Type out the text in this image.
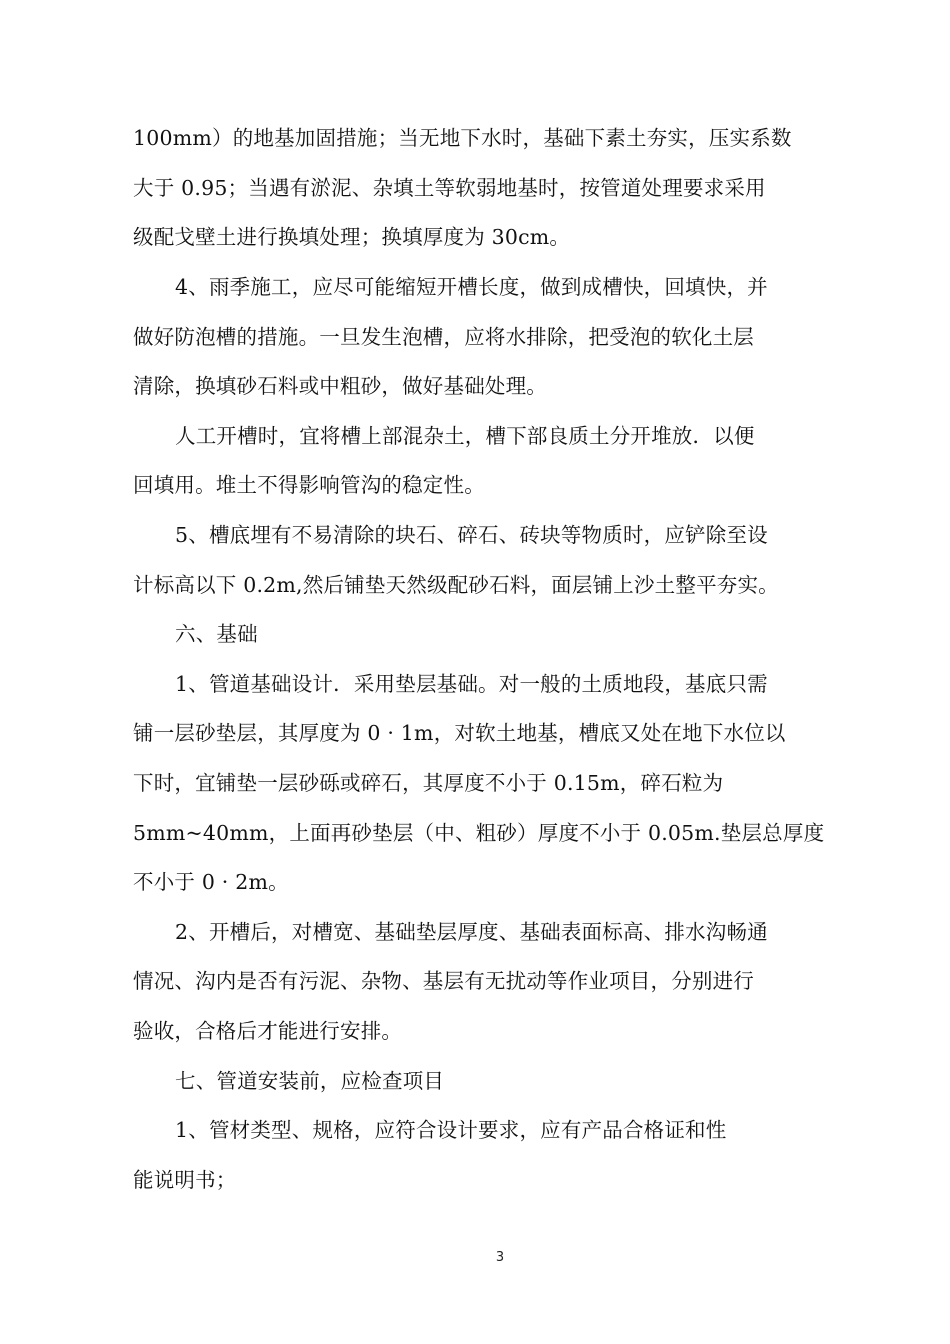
100mm）的地基加固措施；当无地下水时，基础下素土夯实，压实系数
大于 0.95；当遇有淤泥、杂填土等软弱地基时，按管道处理要求采用
级配戈壁土进行换填处理；换填厚度为 30cm。
4、雨季施工，应尽可能缩短开槽长度，做到成槽快，回填快，并
做好防泡槽的措施。一旦发生泡槽，应将水排除，把受泡的软化土层
清除，换填砂石料或中粗砂，做好基础处理。
人工开槽时，宜将槽上部混杂土，槽下部良质土分开堆放．以便
回填用。堆土不得影响管沟的稳定性。
5、槽底埋有不易清除的块石、碎石、砖块等物质时，应铲除至设
计标高以下 0.2m,然后铺垫天然级配砂石料，面层铺上沙土整平夯实。
六、基础
1、管道基础设计．采用垫层基础。对一般的土质地段，基底只需
铺一层砂垫层，其厚度为 0 · 1m，对软土地基，槽底又处在地下水位以
下时，宜铺垫一层砂砾或碎石，其厚度不小于 0.15m，碎石粒为
5mm~40mm，上面再砂垫层（中、粗砂）厚度不小于 0.05m.垫层总厚度
不小于 0 · 2m。
2、开槽后，对槽宽、基础垫层厚度、基础表面标高、排水沟畅通
情况、沟内是否有污泥、杂物、基层有无扰动等作业项目，分别进行
验收，合格后才能进行安排。
七、管道安装前，应检查项目
1、管材类型、规格，应符合设计要求，应有产品合格证和性
能说明书；
3
